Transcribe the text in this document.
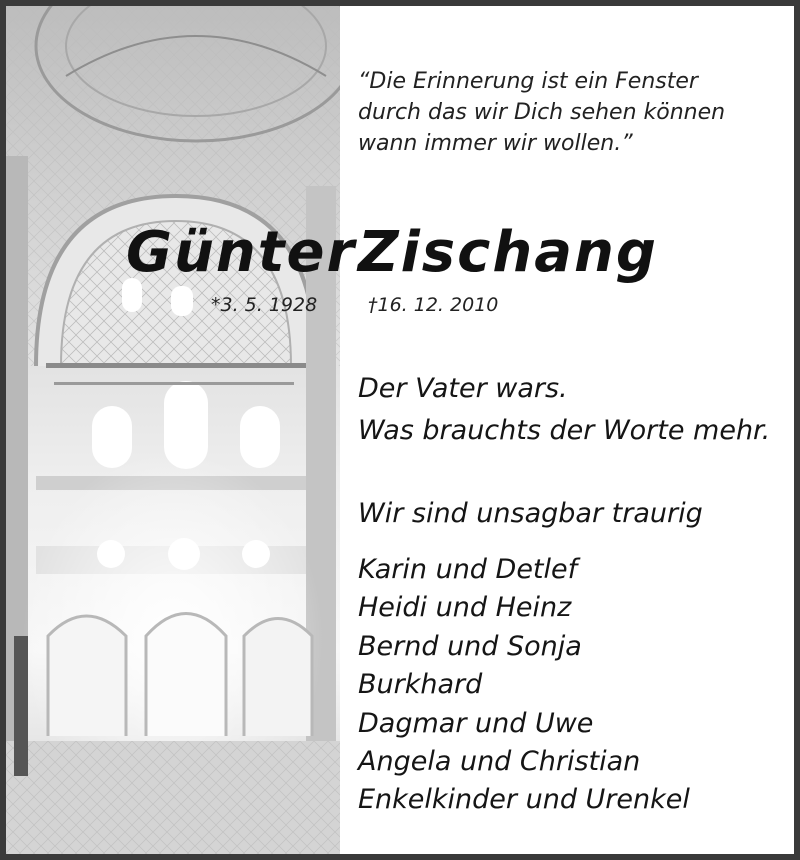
“Die Erinnerung ist ein Fenster
durch das wir Dich sehen können
wann immer wir wollen.”
Günter Zischang
*3. 5. 1928	†16. 12. 2010
Der Vater wars.
Was brauchts der Worte mehr.
Wir sind unsagbar traurig
Karin und Detlef
Heidi und Heinz
Bernd und Sonja
Burkhard
Dagmar und Uwe
Angela und Christian
Enkelkinder und Urenkel
